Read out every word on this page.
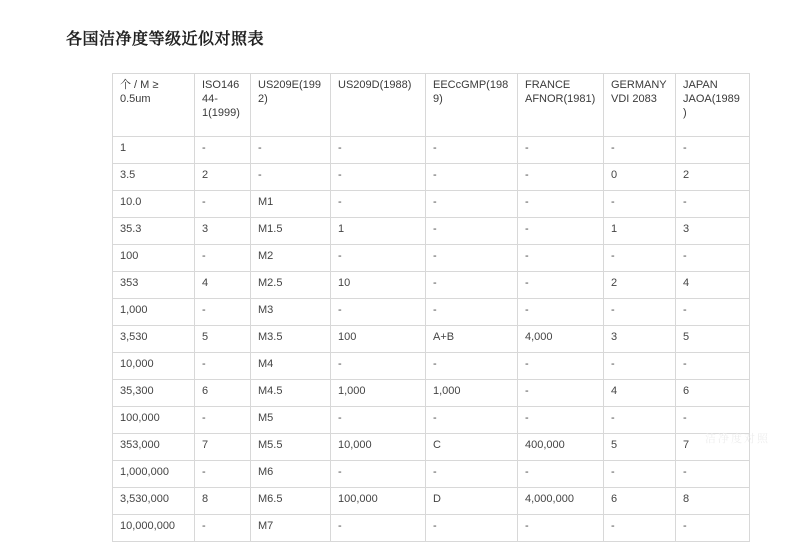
各国洁净度等级近似对照表
个 / M ≥ 0.5um	ISO14644-1(1999)	US209E(1992)	US209D(1988)	EECcGMP(1989)	FRANCE AFNOR(1981)	GERMANY VDI 2083	JAPAN JAOA(1989)
1	-	-	-	-	-	-	-
3.5	2	-	-	-	-	0	2
10.0	-	M1	-	-	-	-	-
35.3	3	M1.5	1	-	-	1	3
100	-	M2	-	-	-	-	-
353	4	M2.5	10	-	-	2	4
1,000	-	M3	-	-	-	-	-
3,530	5	M3.5	100	A+B	4,000	3	5
10,000	-	M4	-	-	-	-	-
35,300	6	M4.5	1,000	1,000	-	4	6
100,000	-	M5	-	-	-	-	-
353,000	7	M5.5	10,000	C	400,000	5	7
1,000,000	-	M6	-	-	-	-	-
3,530,000	8	M6.5	100,000	D	4,000,000	6	8
10,000,000	-	M7	-	-	-	-	-
洁净度对照
